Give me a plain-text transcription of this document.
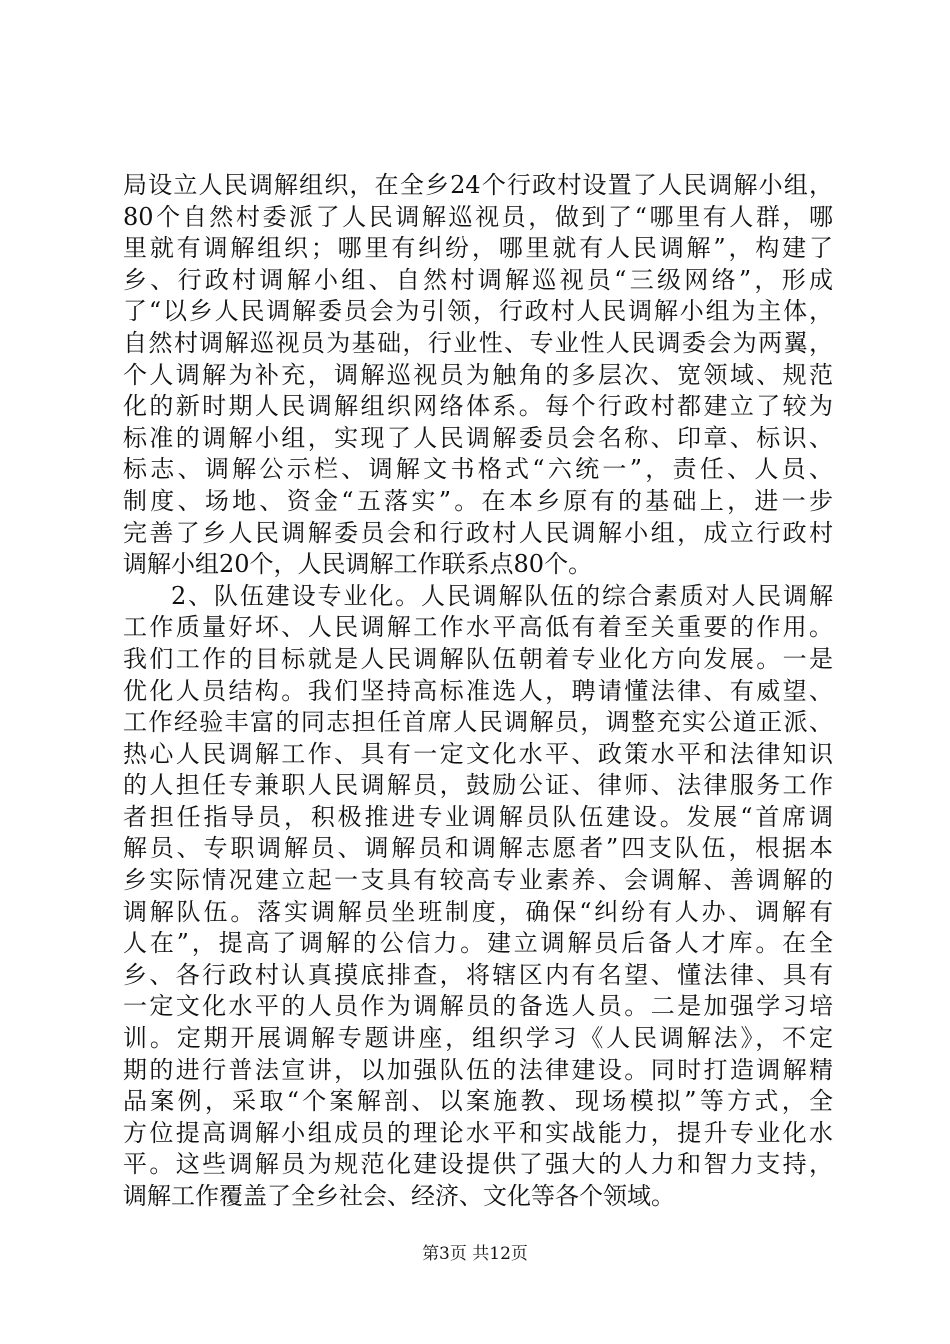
局设立人民调解组织，在全乡24个行政村设置了人民调解小组，
80个自然村委派了人民调解巡视员，做到了“哪里有人群，哪
里就有调解组织；哪里有纠纷，哪里就有人民调解”，构建了
乡、行政村调解小组、自然村调解巡视员“三级网络”，形成
了“以乡人民调解委员会为引领，行政村人民调解小组为主体，
自然村调解巡视员为基础，行业性、专业性人民调委会为两翼，
个人调解为补充，调解巡视员为触角的多层次、宽领域、规范
化的新时期人民调解组织网络体系。每个行政村都建立了较为
标准的调解小组，实现了人民调解委员会名称、印章、标识、
标志、调解公示栏、调解文书格式“六统一”，责任、人员、
制度、场地、资金“五落实”。在本乡原有的基础上，进一步
完善了乡人民调解委员会和行政村人民调解小组，成立行政村
调解小组20个，人民调解工作联系点80个。
2、队伍建设专业化。人民调解队伍的综合素质对人民调解
工作质量好坏、人民调解工作水平高低有着至关重要的作用。
我们工作的目标就是人民调解队伍朝着专业化方向发展。一是
优化人员结构。我们坚持高标准选人，聘请懂法律、有威望、
工作经验丰富的同志担任首席人民调解员，调整充实公道正派、
热心人民调解工作、具有一定文化水平、政策水平和法律知识
的人担任专兼职人民调解员，鼓励公证、律师、法律服务工作
者担任指导员，积极推进专业调解员队伍建设。发展“首席调
解员、专职调解员、调解员和调解志愿者”四支队伍，根据本
乡实际情况建立起一支具有较高专业素养、会调解、善调解的
调解队伍。落实调解员坐班制度，确保“纠纷有人办、调解有
人在”，提高了调解的公信力。建立调解员后备人才库。在全
乡、各行政村认真摸底排查，将辖区内有名望、懂法律、具有
一定文化水平的人员作为调解员的备选人员。二是加强学习培
训。定期开展调解专题讲座，组织学习《人民调解法》，不定
期的进行普法宣讲，以加强队伍的法律建设。同时打造调解精
品案例，采取“个案解剖、以案施教、现场模拟”等方式，全
方位提高调解小组成员的理论水平和实战能力，提升专业化水
平。这些调解员为规范化建设提供了强大的人力和智力支持，
调解工作覆盖了全乡社会、经济、文化等各个领域。
第3页 共12页
